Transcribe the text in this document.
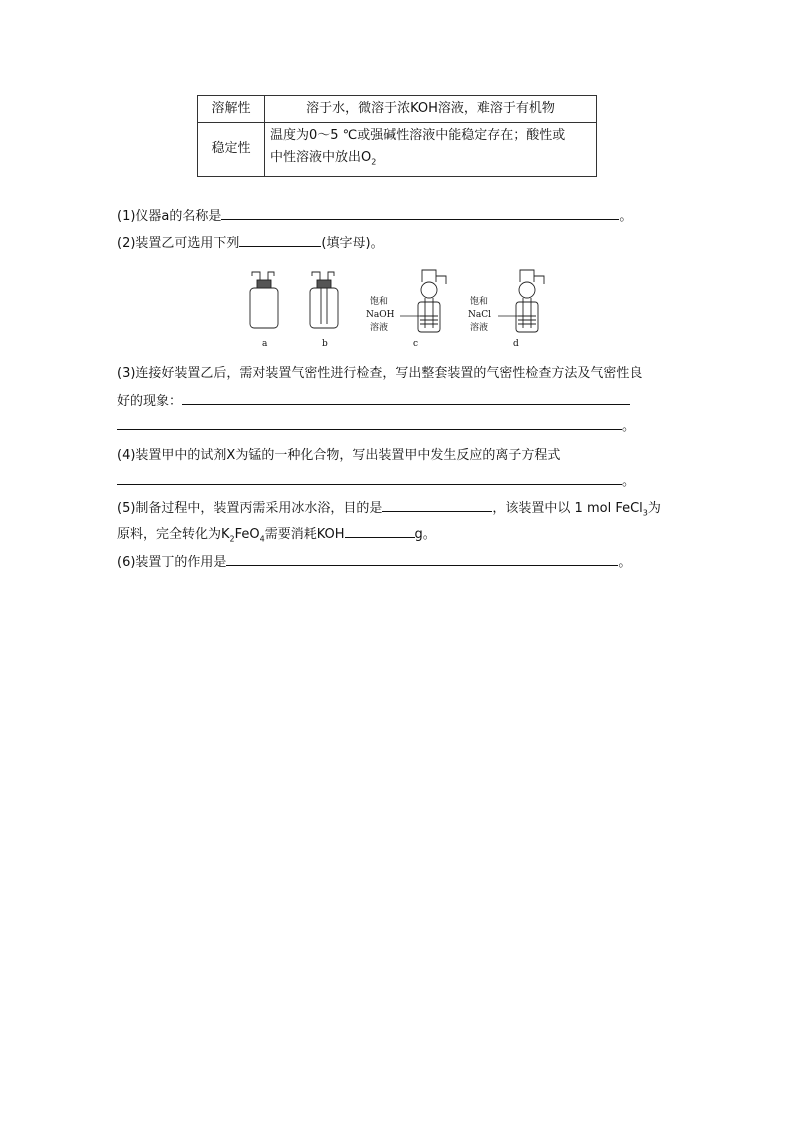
溶解性	溶于水，微溶于浓KOH溶液，难溶于有机物
稳定性	温度为0～5 ℃或强碱性溶液中能稳定存在；酸性或
中性溶液中放出$O_2$
(1)仪器a的名称是	。
(2)装置乙可选用下列	(填字母)。
饱和
NaOH
溶液
饱和
NaCl
溶液
a	b	c	d
(3)连接好装置乙后，需对装置气密性进行检查，写出整套装置的气密性检查方法及气密性良
好的现象：
。
(4)装置甲中的试剂X为锰的一种化合物，写出装置甲中发生反应的离子方程式
。
(5)制备过程中，装置丙需采用冰水浴，目的是	，该装置中以 1 mol FeCl$_3$为
原料，完全转化为$K_2FeO_4$需要消耗KOH	g。
(6)装置丁的作用是	。
